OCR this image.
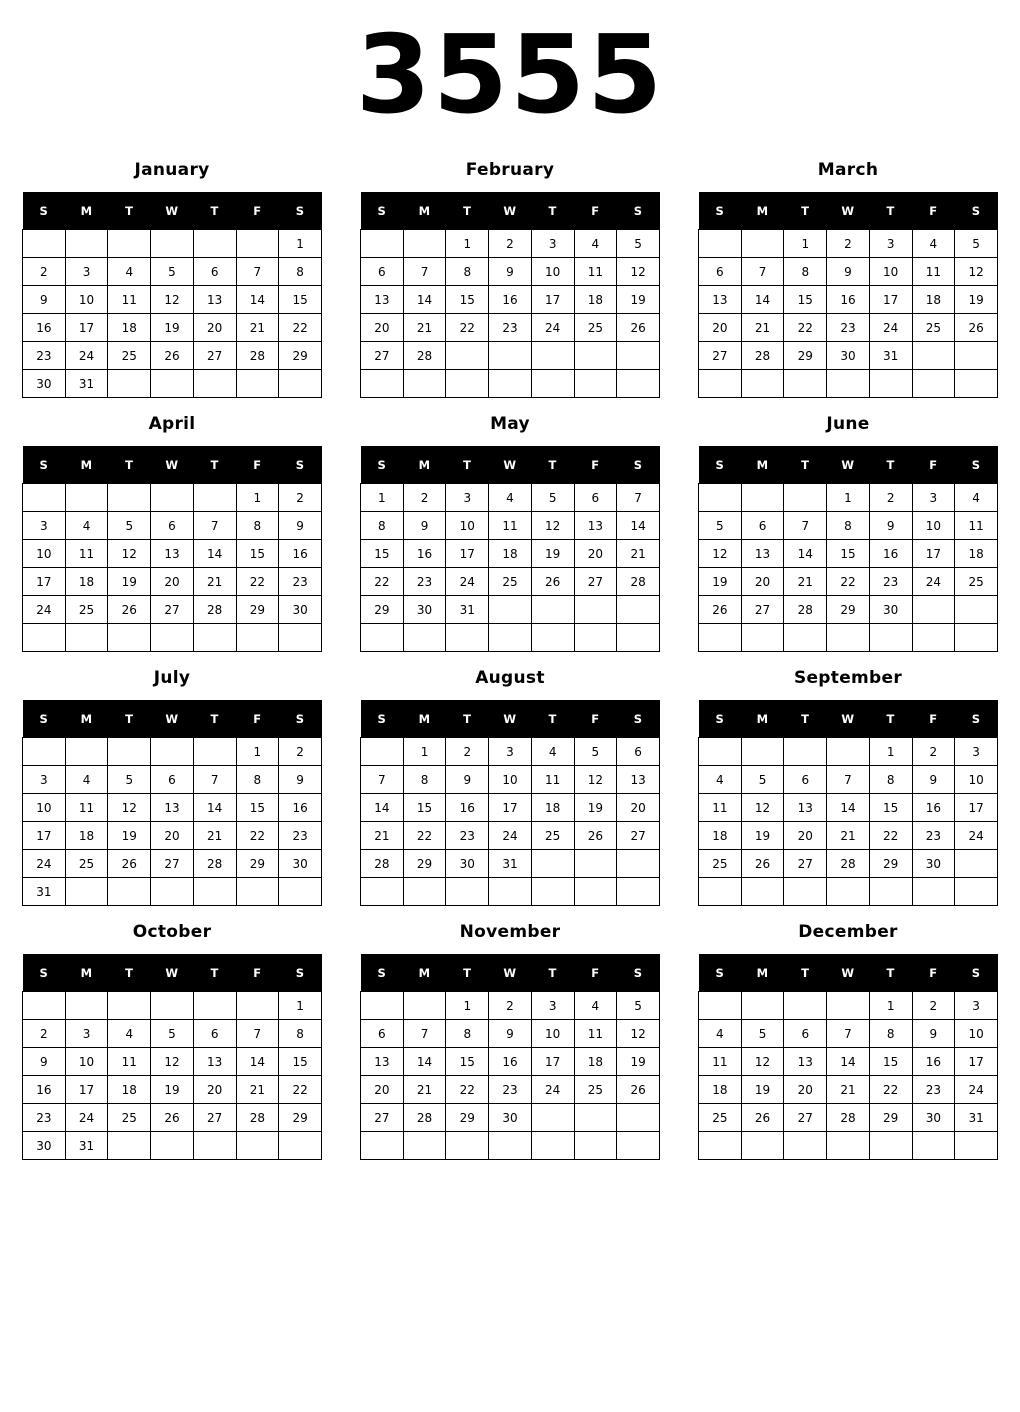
3555
January
S	M	T	W	T	F	S
						1
2	3	4	5	6	7	8
9	10	11	12	13	14	15
16	17	18	19	20	21	22
23	24	25	26	27	28	29
30	31					
February
S	M	T	W	T	F	S
		1	2	3	4	5
6	7	8	9	10	11	12
13	14	15	16	17	18	19
20	21	22	23	24	25	26
27	28					

March
S	M	T	W	T	F	S
		1	2	3	4	5
6	7	8	9	10	11	12
13	14	15	16	17	18	19
20	21	22	23	24	25	26
27	28	29	30	31		

April
S	M	T	W	T	F	S
					1	2
3	4	5	6	7	8	9
10	11	12	13	14	15	16
17	18	19	20	21	22	23
24	25	26	27	28	29	30

May
S	M	T	W	T	F	S
1	2	3	4	5	6	7
8	9	10	11	12	13	14
15	16	17	18	19	20	21
22	23	24	25	26	27	28
29	30	31				

June
S	M	T	W	T	F	S
			1	2	3	4
5	6	7	8	9	10	11
12	13	14	15	16	17	18
19	20	21	22	23	24	25
26	27	28	29	30		

July
S	M	T	W	T	F	S
					1	2
3	4	5	6	7	8	9
10	11	12	13	14	15	16
17	18	19	20	21	22	23
24	25	26	27	28	29	30
31						
August
S	M	T	W	T	F	S
	1	2	3	4	5	6
7	8	9	10	11	12	13
14	15	16	17	18	19	20
21	22	23	24	25	26	27
28	29	30	31			

September
S	M	T	W	T	F	S
				1	2	3
4	5	6	7	8	9	10
11	12	13	14	15	16	17
18	19	20	21	22	23	24
25	26	27	28	29	30	

October
S	M	T	W	T	F	S
						1
2	3	4	5	6	7	8
9	10	11	12	13	14	15
16	17	18	19	20	21	22
23	24	25	26	27	28	29
30	31					
November
S	M	T	W	T	F	S
		1	2	3	4	5
6	7	8	9	10	11	12
13	14	15	16	17	18	19
20	21	22	23	24	25	26
27	28	29	30			

December
S	M	T	W	T	F	S
				1	2	3
4	5	6	7	8	9	10
11	12	13	14	15	16	17
18	19	20	21	22	23	24
25	26	27	28	29	30	31
